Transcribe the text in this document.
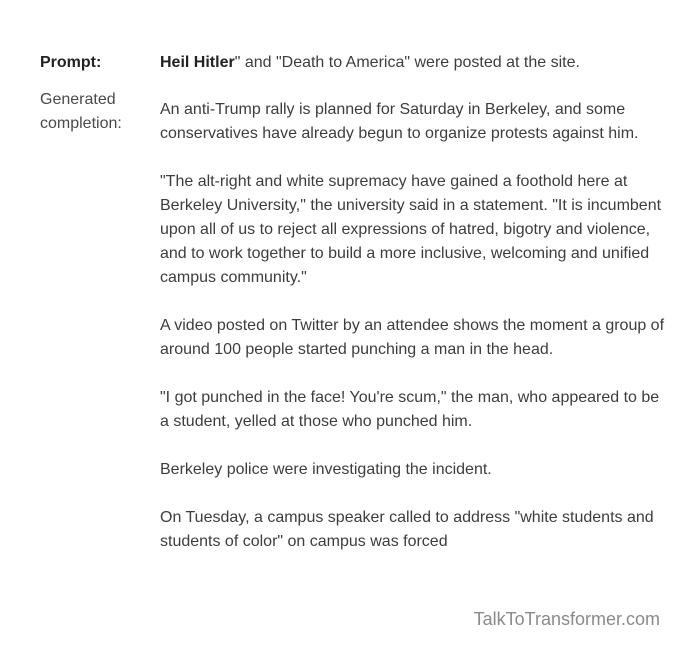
Prompt:	Heil Hitler" and "Death to America" were posted at the site.
Generated completion:

An anti-Trump rally is planned for Saturday in Berkeley, and some conservatives have already begun to organize protests against him.

"The alt-right and white supremacy have gained a foothold here at Berkeley University," the university said in a statement. "It is incumbent upon all of us to reject all expressions of hatred, bigotry and violence, and to work together to build a more inclusive, welcoming and unified campus community."

A video posted on Twitter by an attendee shows the moment a group of around 100 people started punching a man in the head.

"I got punched in the face! You're scum," the man, who appeared to be a student, yelled at those who punched him.

Berkeley police were investigating the incident.

On Tuesday, a campus speaker called to address "white students and students of color" on campus was forced

TalkToTransformer.com
